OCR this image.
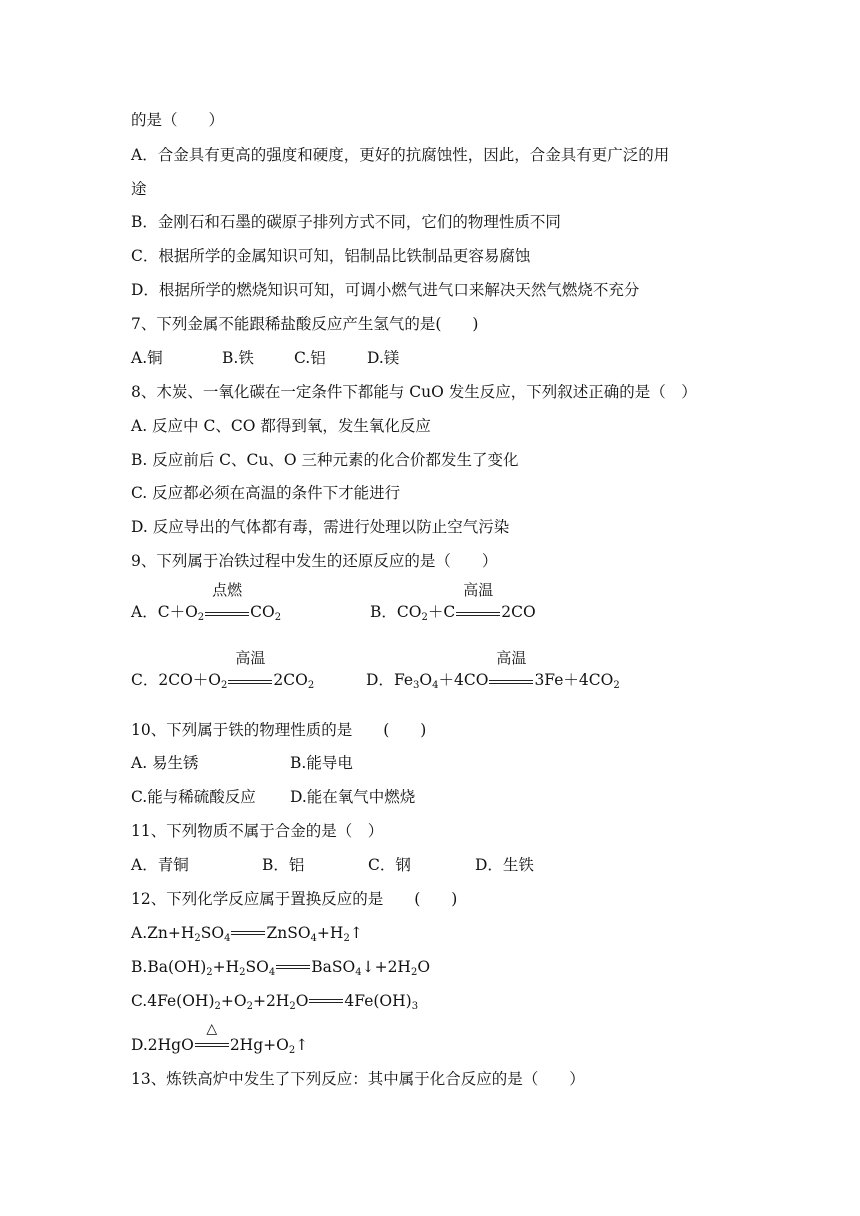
的是（　　）
A．合金具有更高的强度和硬度，更好的抗腐蚀性，因此，合金具有更广泛的用
途
B．金刚石和石墨的碳原子排列方式不同，它们的物理性质不同
C．根据所学的金属知识可知，铝制品比铁制品更容易腐蚀
D．根据所学的燃烧知识可知，可调小燃气进气口来解决天然气燃烧不充分
7、下列金属不能跟稀盐酸反应产生氢气的是(　　)
A.铜	B.铁	C.铝	D.镁
8、木炭、一氧化碳在一定条件下都能与 CuO 发生反应，下列叙述正确的是（　）
A. 反应中 C、CO 都得到氧，发生氧化反应
B. 反应前后 C、Cu、O 三种元素的化合价都发生了变化
C. 反应都必须在高温的条件下才能进行
D. 反应导出的气体都有毒，需进行处理以防止空气污染
9、下列属于冶铁过程中发生的还原反应的是（　　）
A．$C+O_2$
点燃
$CO_2$	B．$CO_2+C$
高温
2CO
C．$2CO+O_2$
高温
$2CO_2$	D．$Fe_3O_4+4CO$
高温
$3Fe+4CO_2$
10、下列属于铁的物理性质的是　　(　　)
A. 易生锈	B.能导电
C.能与稀硫酸反应 D.能在氧气中燃烧
11、下列物质不属于合金的是（　）
A．青铜	B．铝	C．钢	D．生铁
12、下列化学反应属于置换反应的是　　(　　)
$A.Zn+H_2SO_4$ $ZnSO_4+H_2↑$
$B.Ba(OH)_2+H_2SO_4$ $BaSO_4↓+2H_2O$
$C.4Fe(OH)_2+O_2+2H_2O$ $4Fe(OH)_3$
D.2HgO
△
$2Hg+O_2↑$
13、炼铁高炉中发生了下列反应：其中属于化合反应的是（　　）
